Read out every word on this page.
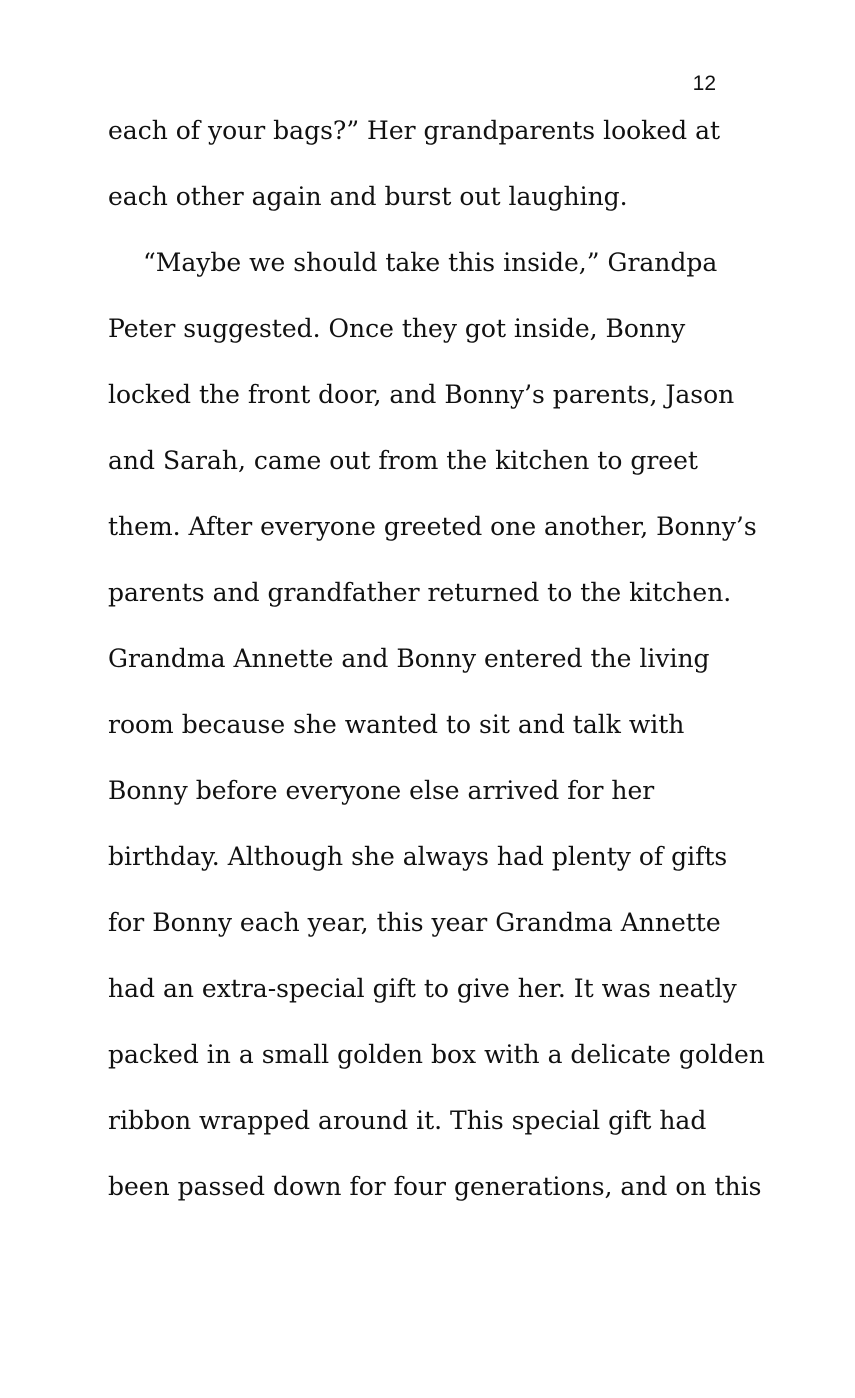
12
each of your bags?” Her grandparents looked at
each other again and burst out laughing.
“Maybe we should take this inside,” Grandpa
Peter suggested. Once they got inside, Bonny
locked the front door, and Bonny’s parents, Jason
and Sarah, came out from the kitchen to greet
them. After everyone greeted one another, Bonny’s
parents and grandfather returned to the kitchen.
Grandma Annette and Bonny entered the living
room because she wanted to sit and talk with
Bonny before everyone else arrived for her
birthday. Although she always had plenty of gifts
for Bonny each year, this year Grandma Annette
had an extra-special gift to give her. It was neatly
packed in a small golden box with a delicate golden
ribbon wrapped around it. This special gift had
been passed down for four generations, and on this
